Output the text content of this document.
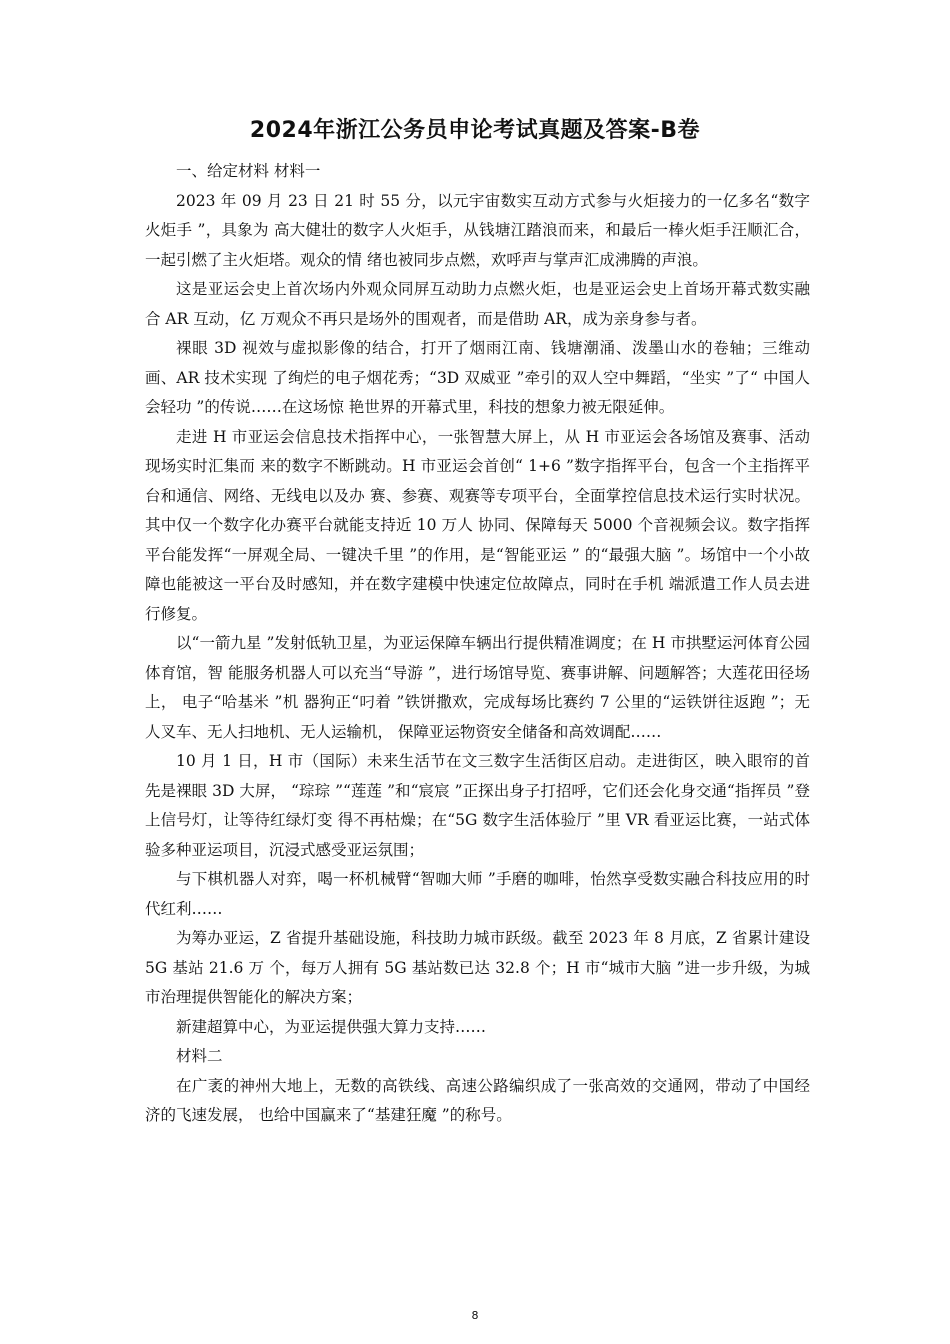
2024年浙江公务员申论考试真题及答案-B卷

一、给定材料 材料一

2023 年 09 月 23 日 21 时 55 分，以元宇宙数实互动方式参与火炬接力的一亿多名“数字火炬手 ”，具象为 高大健壮的数字人火炬手，从钱塘江踏浪而来，和最后一棒火炬手汪顺汇合，一起引燃了主火炬塔。观众的情 绪也被同步点燃，欢呼声与掌声汇成沸腾的声浪。

这是亚运会史上首次场内外观众同屏互动助力点燃火炬，也是亚运会史上首场开幕式数实融合 AR 互动，亿 万观众不再只是场外的围观者，而是借助 AR，成为亲身参与者。

裸眼 3D 视效与虚拟影像的结合，打开了烟雨江南、钱塘潮涌、泼墨山水的卷轴；三维动画、AR 技术实现 了绚烂的电子烟花秀；“3D 双威亚 ”牵引的双人空中舞蹈，“坐实 ”了“ 中国人会轻功 ”的传说……在这场惊 艳世界的开幕式里，科技的想象力被无限延伸。

走进 H 市亚运会信息技术指挥中心，一张智慧大屏上，从 H 市亚运会各场馆及赛事、活动现场实时汇集而 来的数字不断跳动。H 市亚运会首创“ 1+6 ”数字指挥平台，包含一个主指挥平台和通信、网络、无线电以及办 赛、参赛、观赛等专项平台，全面掌控信息技术运行实时状况。其中仅一个数字化办赛平台就能支持近 10 万人 协同、保障每天 5000 个音视频会议。数字指挥平台能发挥“一屏观全局、一键决千里 ”的作用，是“智能亚运 ” 的“最强大脑 ”。场馆中一个小故障也能被这一平台及时感知，并在数字建模中快速定位故障点，同时在手机 端派遣工作人员去进行修复。

以“一箭九星 ”发射低轨卫星，为亚运保障车辆出行提供精准调度；在 H 市拱墅运河体育公园体育馆，智 能服务机器人可以充当“导游 ”，进行场馆导览、赛事讲解、问题解答；大莲花田径场上， 电子“哈基米 ”机 器狗正“叼着 ”铁饼撒欢，完成每场比赛约 7 公里的“运铁饼往返跑 ”；无人叉车、无人扫地机、无人运输机， 保障亚运物资安全储备和高效调配……

10 月 1 日，H 市（国际）未来生活节在文三数字生活街区启动。走进街区，映入眼帘的首先是裸眼 3D 大屏， “琮琮 ”“莲莲 ”和“宸宸 ”正探出身子打招呼，它们还会化身交通“指挥员 ”登上信号灯，让等待红绿灯变 得不再枯燥；在“5G 数字生活体验厅 ”里 VR 看亚运比赛，一站式体验多种亚运项目，沉浸式感受亚运氛围；

与下棋机器人对弈，喝一杯机械臂“智咖大师 ”手磨的咖啡，怡然享受数实融合科技应用的时代红利……

为筹办亚运，Z 省提升基础设施，科技助力城市跃级。截至 2023 年 8 月底，Z 省累计建设 5G 基站 21.6 万 个，每万人拥有 5G 基站数已达 32.8 个；H 市“城市大脑 ”进一步升级，为城市治理提供智能化的解决方案；

新建超算中心，为亚运提供强大算力支持……

材料二

在广袤的神州大地上，无数的高铁线、高速公路编织成了一张高效的交通网，带动了中国经济的飞速发展， 也给中国赢来了“基建狂魔 ”的称号。

8
